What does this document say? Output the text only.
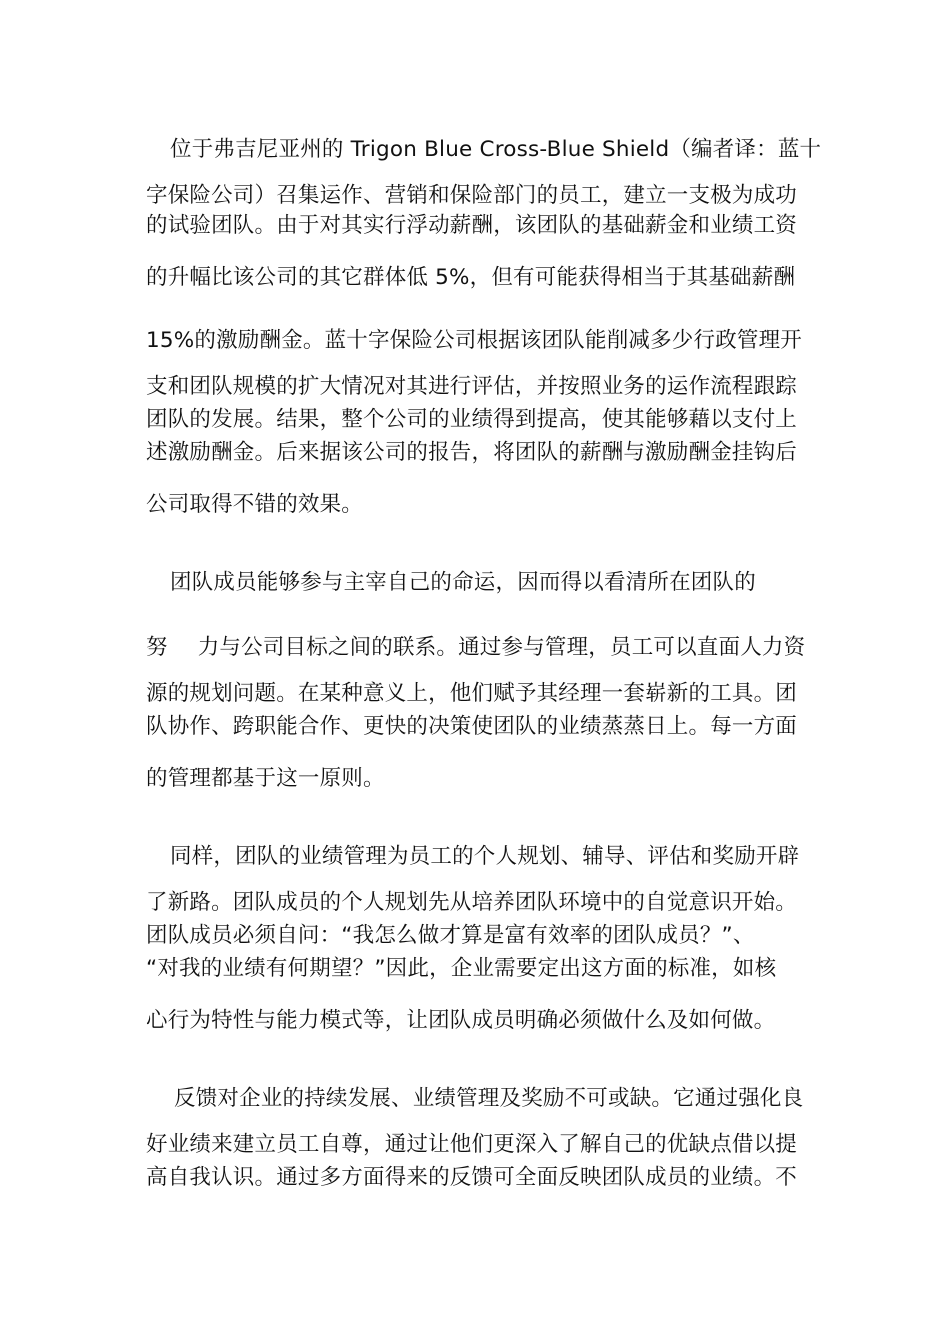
位于弗吉尼亚州的 Trigon Blue Cross-Blue Shield（编者译：蓝十
字保险公司）召集运作、营销和保险部门的员工，建立一支极为成功
的试验团队。由于对其实行浮动薪酬，该团队的基础薪金和业绩工资
的升幅比该公司的其它群体低 5%，但有可能获得相当于其基础薪酬
15%的激励酬金。蓝十字保险公司根据该团队能削减多少行政管理开
支和团队规模的扩大情况对其进行评估，并按照业务的运作流程跟踪
团队的发展。结果，整个公司的业绩得到提高，使其能够藉以支付上
述激励酬金。后来据该公司的报告，将团队的薪酬与激励酬金挂钩后
公司取得不错的效果。
团队成员能够参与主宰自己的命运，因而得以看清所在团队的
努 力与公司目标之间的联系。通过参与管理，员工可以直面人力资
源的规划问题。在某种意义上，他们赋予其经理一套崭新的工具。团
队协作、跨职能合作、更快的决策使团队的业绩蒸蒸日上。每一方面
的管理都基于这一原则。
同样，团队的业绩管理为员工的个人规划、辅导、评估和奖励开辟
了新路。团队成员的个人规划先从培养团队环境中的自觉意识开始。
团队成员必须自问：“我怎么做才算是富有效率的团队成员？”、
“对我的业绩有何期望？”因此，企业需要定出这方面的标准，如核
心行为特性与能力模式等，让团队成员明确必须做什么及如何做。
反馈对企业的持续发展、业绩管理及奖励不可或缺。它通过强化良
好业绩来建立员工自尊，通过让他们更深入了解自己的优缺点借以提
高自我认识。通过多方面得来的反馈可全面反映团队成员的业绩。不
